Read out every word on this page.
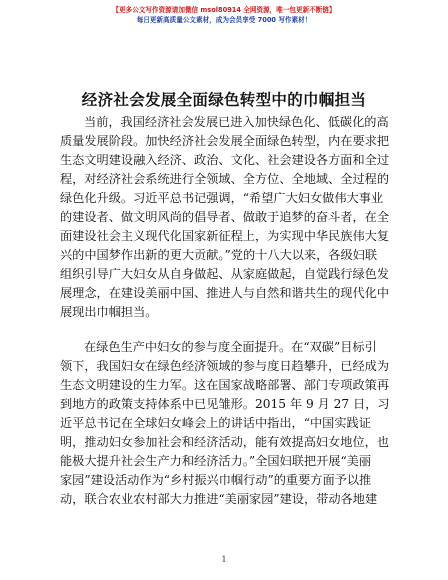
【更多公文写作资源请加微信 msol80914 全网资源，唯一包更新不断链】
每日更新高质量公文素材，成为会员享受 7000 写作素材！
经济社会发展全面绿色转型中的巾帼担当
当前，我国经济社会发展已进入加快绿色化、低碳化的高
质量发展阶段。加快经济社会发展全面绿色转型，内在要求把
生态文明建设融入经济、政治、文化、社会建设各方面和全过
程，对经济社会系统进行全领域、全方位、全地域、全过程的
绿色化升级。习近平总书记强调，“希望广大妇女做伟大事业
的建设者、做文明风尚的倡导者、做敢于追梦的奋斗者，在全
面建设社会主义现代化国家新征程上，为实现中华民族伟大复
兴的中国梦作出新的更大贡献。”党的十八大以来，各级妇联
组织引导广大妇女从自身做起、从家庭做起，自觉践行绿色发
展理念，在建设美丽中国、推进人与自然和谐共生的现代化中
展现出巾帼担当。
在绿色生产中妇女的参与度全面提升。在“双碳”目标引
领下，我国妇女在绿色经济领域的参与度日趋攀升，已经成为
生态文明建设的生力军。这在国家战略部署、部门专项政策再
到地方的政策支持体系中已见雏形。2015 年 9 月 27 日，习
近平总书记在全球妇女峰会上的讲话中指出，“中国实践证
明，推动妇女参加社会和经济活动，能有效提高妇女地位，也
能极大提升社会生产力和经济活力。”全国妇联把开展“美丽
家园”建设活动作为“乡村振兴巾帼行动”的重要方面予以推
动，联合农业农村部大力推进“美丽家园”建设，带动各地建
1
